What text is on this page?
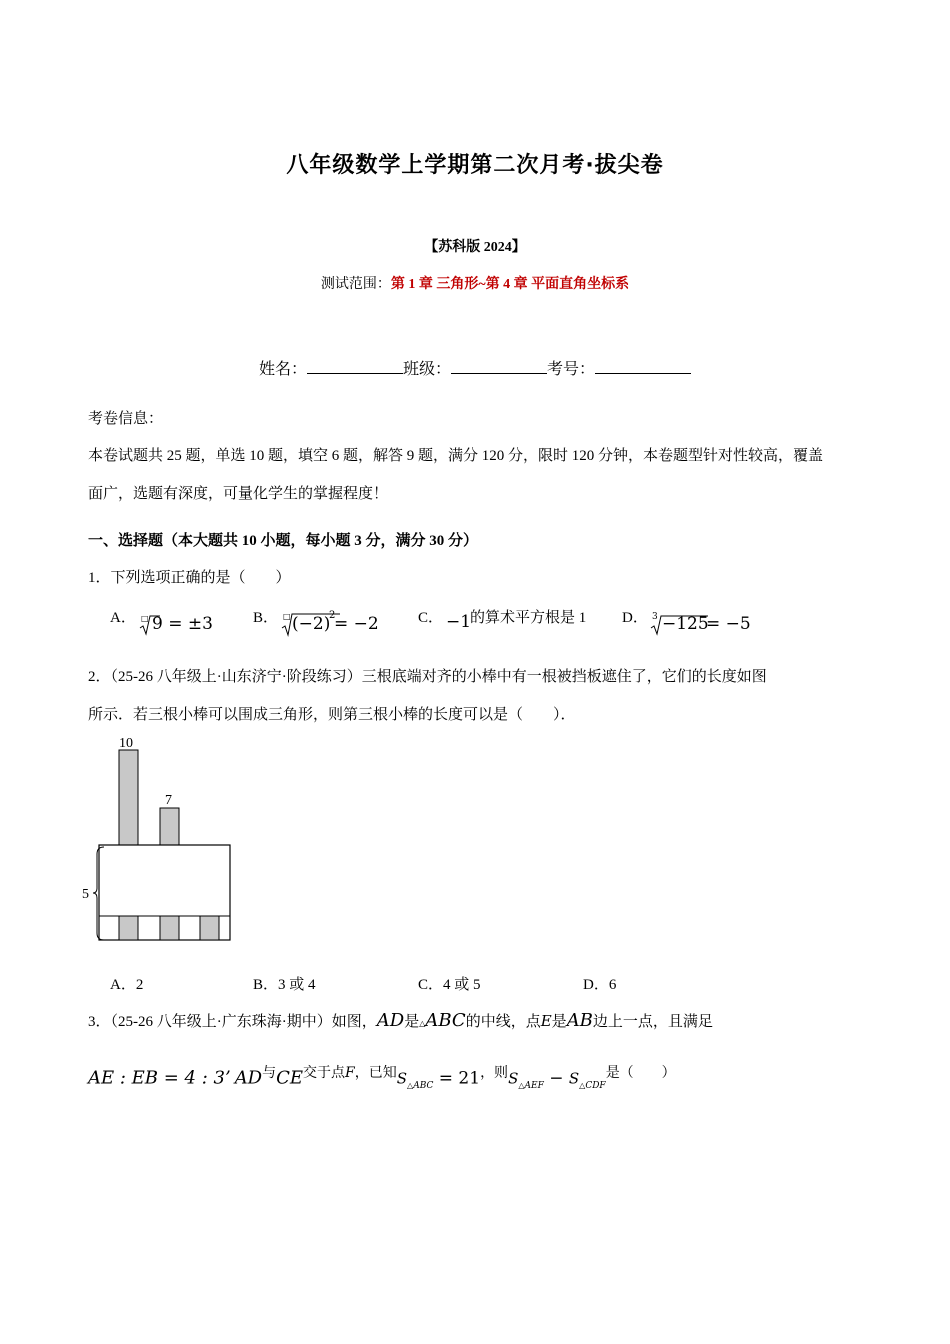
八年级数学上学期第二次月考·拔尖卷
【苏科版 2024】
测试范围：第 1 章 三角形~第 4 章 平面直角坐标系
姓名：	班级：	考号：
考卷信息：
本卷试题共 25 题，单选 10 题，填空 6 题，解答 9 题，满分 120 分，限时 120 分钟，本卷题型针对性较高，覆盖
面广，选题有深度，可量化学生的掌握程度！
一、选择题（本大题共 10 小题，每小题 3 分，满分 30 分）
1．下列选项正确的是（　　）
A． □ 9 = ±3	B． □ (−2)
2
= −2	C． −1
的算术平方根是 1 D． 3 −125
= −5
2．（25-26 八年级上·山东济宁·阶段练习）三根底端对齐的小棒中有一根被挡板遮住了，它们的长度如图
所示．若三根小棒可以围成三角形，则第三根小棒的长度可以是（　　）．
10
7
5
A．2	B．3 或 4	C．4 或 5	D．6
3．（25-26 八年级上·广东珠海·期中）如图，AD是△ABC的中线，点E是AB边上一点，且满足
AE : EB = 4 : 3’ $AD^与CE^{交于点F,已知}S_{\triangle ABC} = 21^{,则}S_{\triangle AEF} - S_{\triangle CDF}^{是( )}$
